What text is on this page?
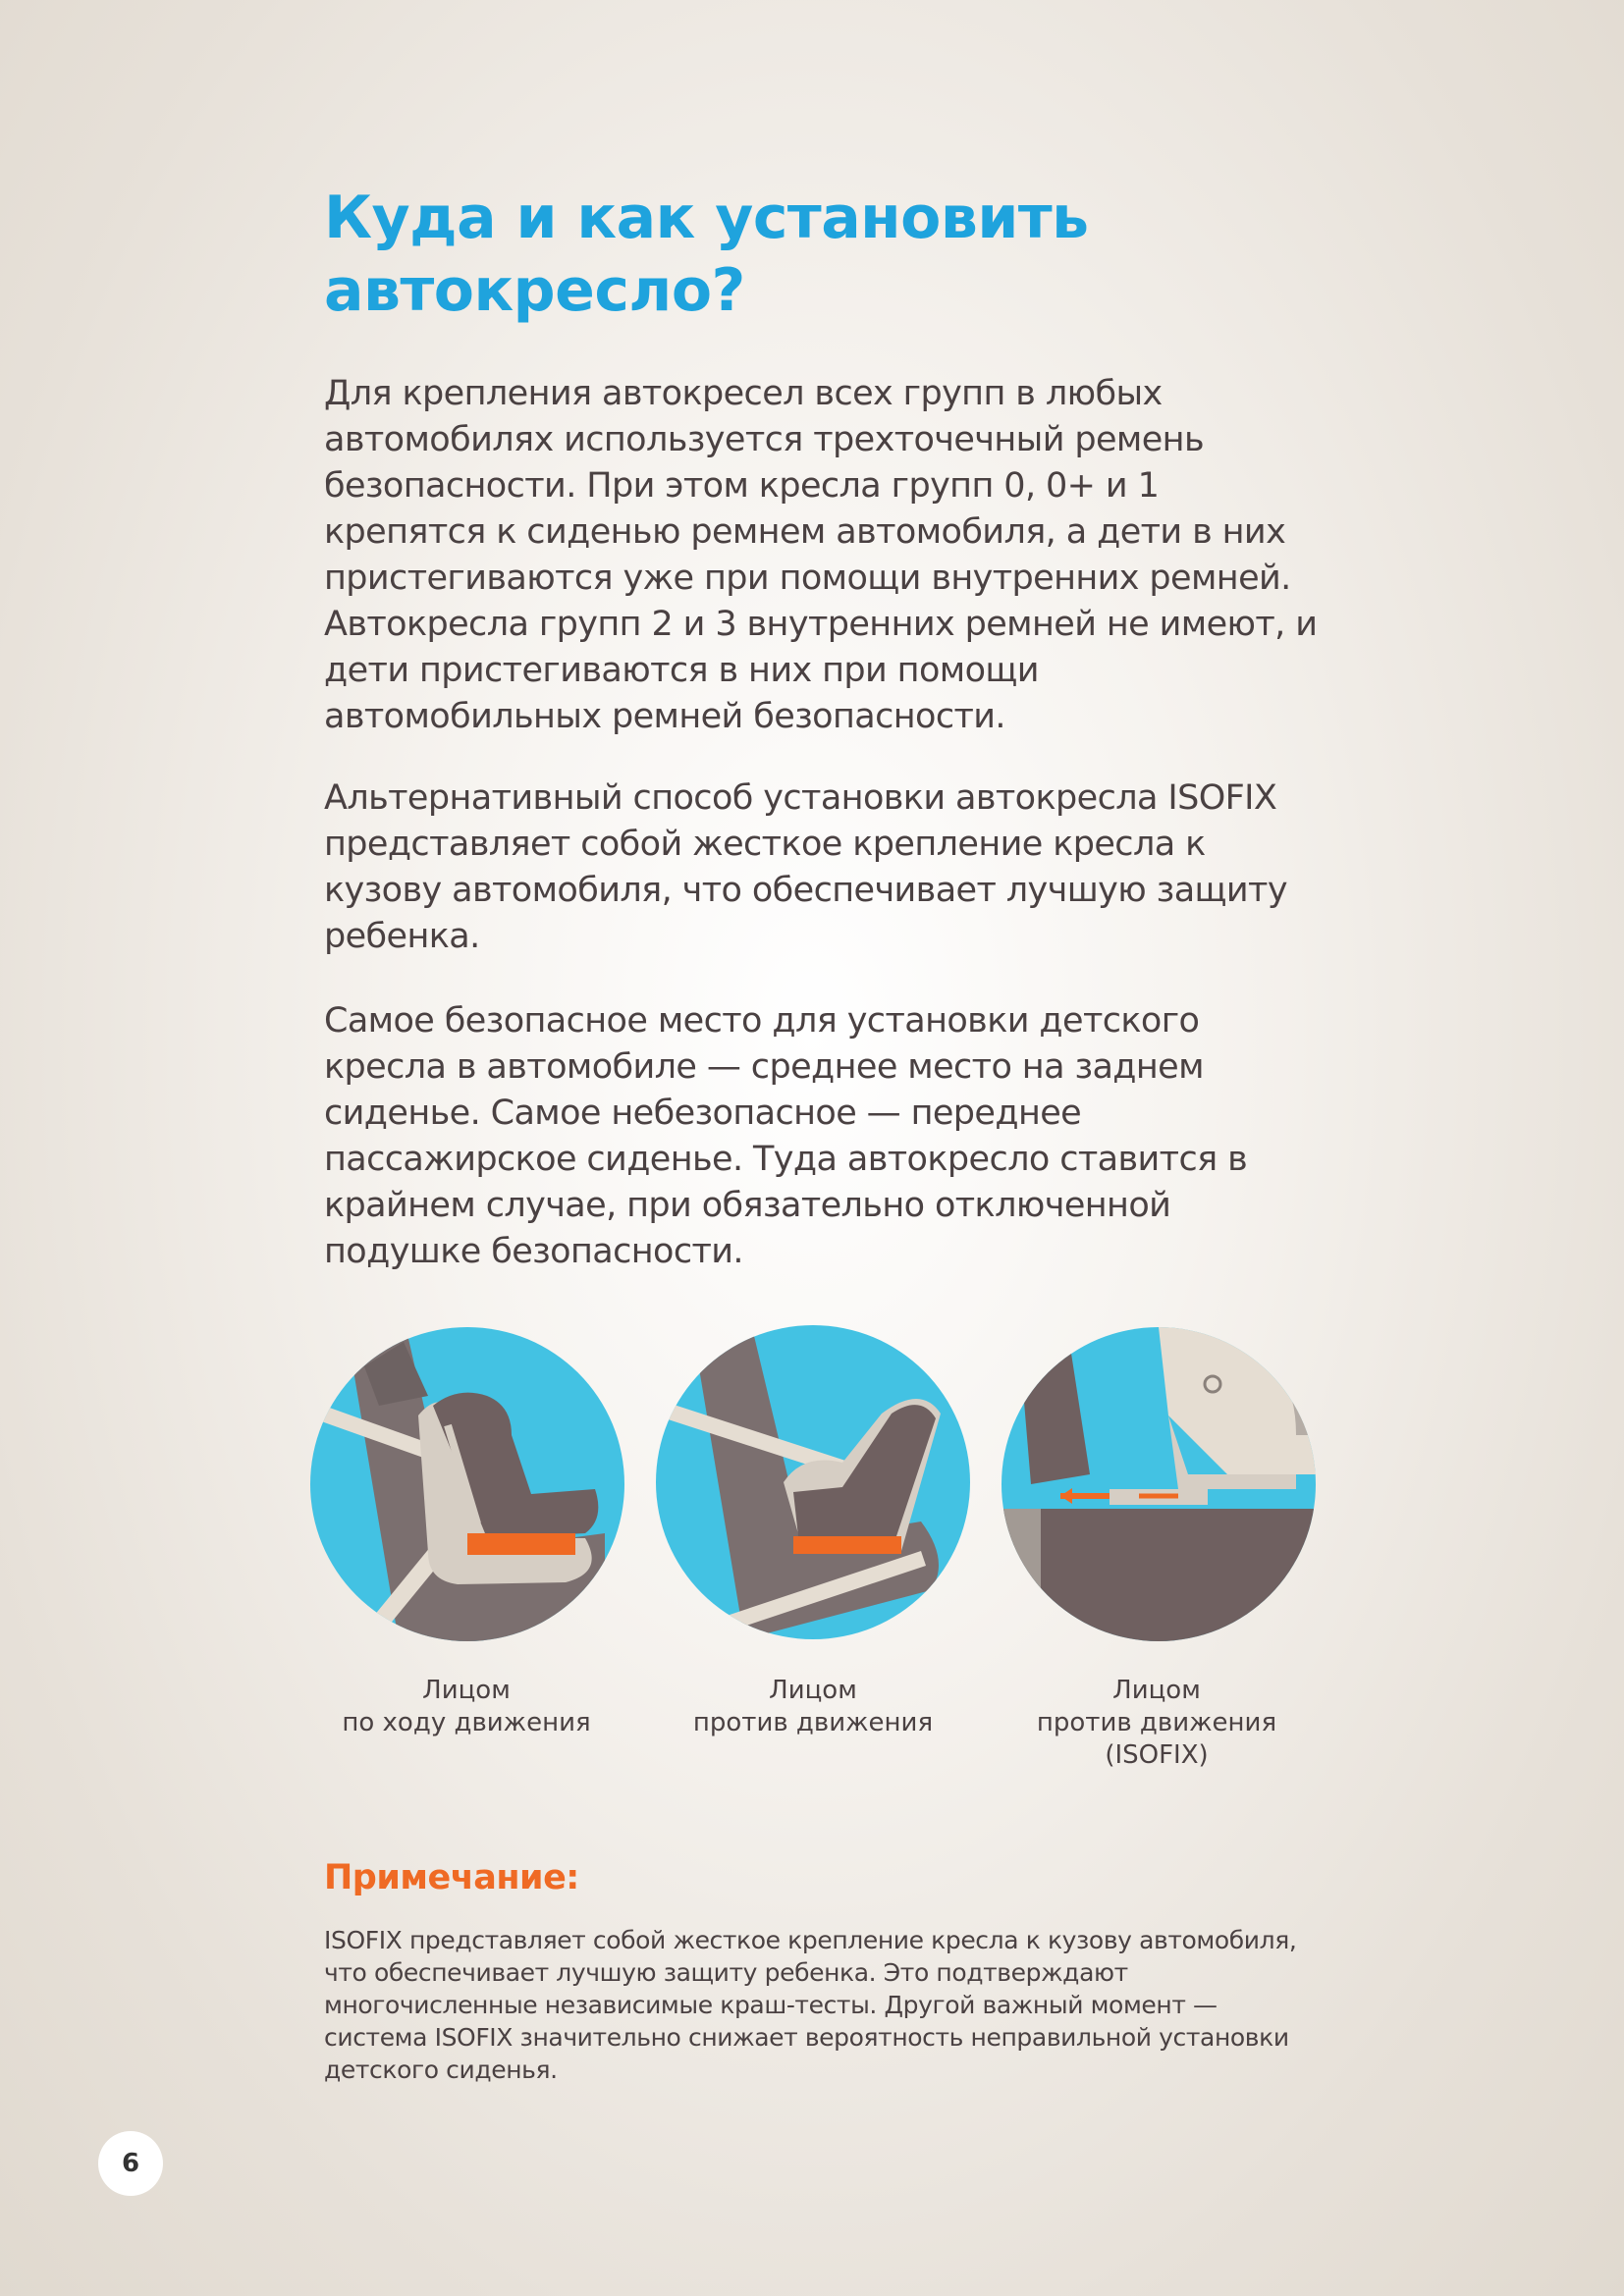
Куда и как установить автокресло?

Для крепления автокресел всех групп в любых автомобилях используется трехточечный ремень безопасности. При этом кресла групп 0, 0+ и 1 крепятся к сиденью ремнем автомобиля, а дети в них пристегиваются уже при помощи внутренних ремней. Автокресла групп 2 и 3 внутренних ремней не имеют, и дети пристегиваются в них при помощи автомобильных ремней безопасности.

Альтернативный способ установки автокресла ISOFIX представляет собой жесткое крепление кресла к кузову автомобиля, что обеспечивает лучшую защиту ребенка.

Самое безопасное место для установки детского кресла в автомобиле — среднее место на заднем сиденье. Самое небезопасное — переднее пассажирское сиденье. Туда автокресло ставится в крайнем случае, при обязательно отключенной подушке безопасности.

Лицом
по ходу движения
Лицом
против движения
Лицом
против движения
(ISOFIX)
Примечание:

ISOFIX представляет собой жесткое крепление кресла к кузову автомобиля, что обеспечивает лучшую защиту ребенка. Это подтверждают многочисленные независимые краш-тесты. Другой важный момент — система ISOFIX значительно снижает вероятность неправильной установки детского сиденья.

6
